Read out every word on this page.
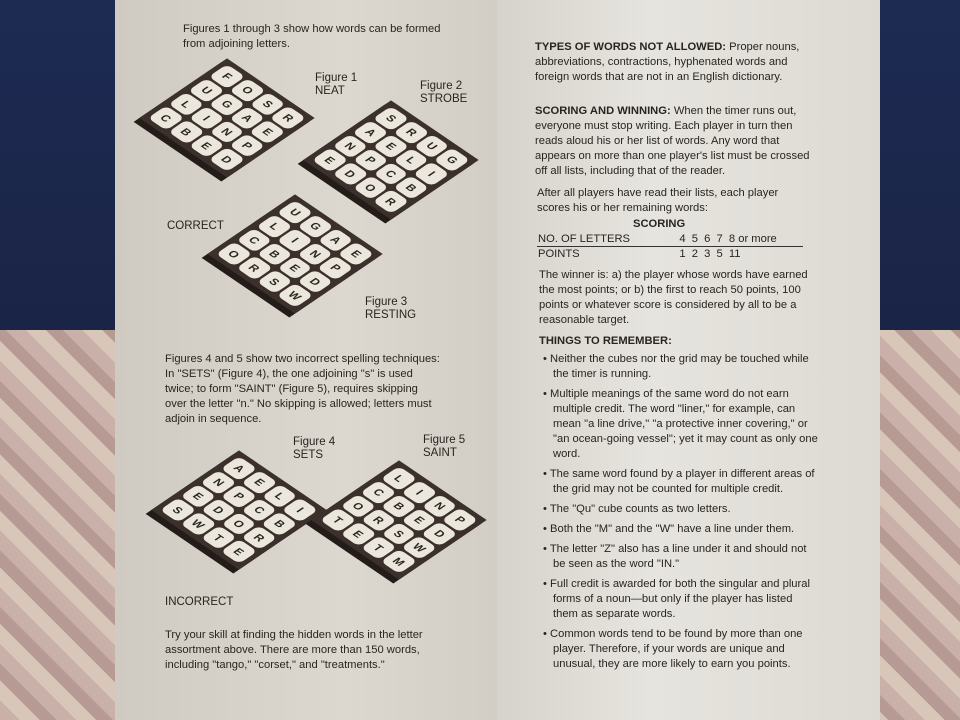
Figures 1 through 3 show how words can be formed from adjoining letters.
F
O
S
R
U
G
A
E
L
I
N
P
C
B
E
D
S
R
U
G
A
E
L
I
N
P
C
B
E
D
O
R
U
G
A
E
L
I
N
P
C
B
E
D
O
R
S
W
A
E
L
I
N
P
C
B
E
D
O
R
S
W
T
E
L
I
N
P
C
B
E
D
O
R
S
W
T
E
T
M
Figure 1
NEAT	Figure 2
STROBE
Figure 3
RESTING
Figure 4
SETS
Figure 5
SAINT
CORRECT
INCORRECT
Figures 4 and 5 show two incorrect spelling techniques: In "SETS" (Figure 4), the one adjoining "s" is used twice; to form "SAINT" (Figure 5), requires skipping over the letter "n." No skipping is allowed; letters must adjoin in sequence.
Try your skill at finding the hidden words in the letter assortment above. There are more than 150 words, including "tango," "corset," and "treatments."
TYPES OF WORDS NOT ALLOWED: Proper nouns, abbreviations, contractions, hyphenated words and foreign words that are not in an English dictionary.
SCORING AND WINNING: When the timer runs out, everyone must stop writing. Each player in turn then reads aloud his or her list of words. Any word that appears on more than one player's list must be crossed off all lists, including that of the reader.
After all players have read their lists, each player scores his or her remaining words:
SCORING
NO. OF LETTERS	4	5	6	7	8 or more
POINTS	1	2	3	5	11
The winner is: a) the player whose words have earned the most points; or b) the first to reach 50 points, 100 points or whatever score is considered by all to be a reasonable target.
THINGS TO REMEMBER:
• Neither the cubes nor the grid may be touched while the timer is running.
• Multiple meanings of the same word do not earn multiple credit. The word "liner," for example, can mean "a line drive," "a protective inner covering," or "an ocean-going vessel"; yet it may count as only one word.
• The same word found by a player in different areas of the grid may not be counted for multiple credit.
• The "Qu" cube counts as two letters.
• Both the "M" and the "W" have a line under them.
• The letter "Z" also has a line under it and should not be seen as the word "IN."
• Full credit is awarded for both the singular and plural forms of a noun—but only if the player has listed them as separate words.
• Common words tend to be found by more than one player. Therefore, if your words are unique and unusual, they are more likely to earn you points.
